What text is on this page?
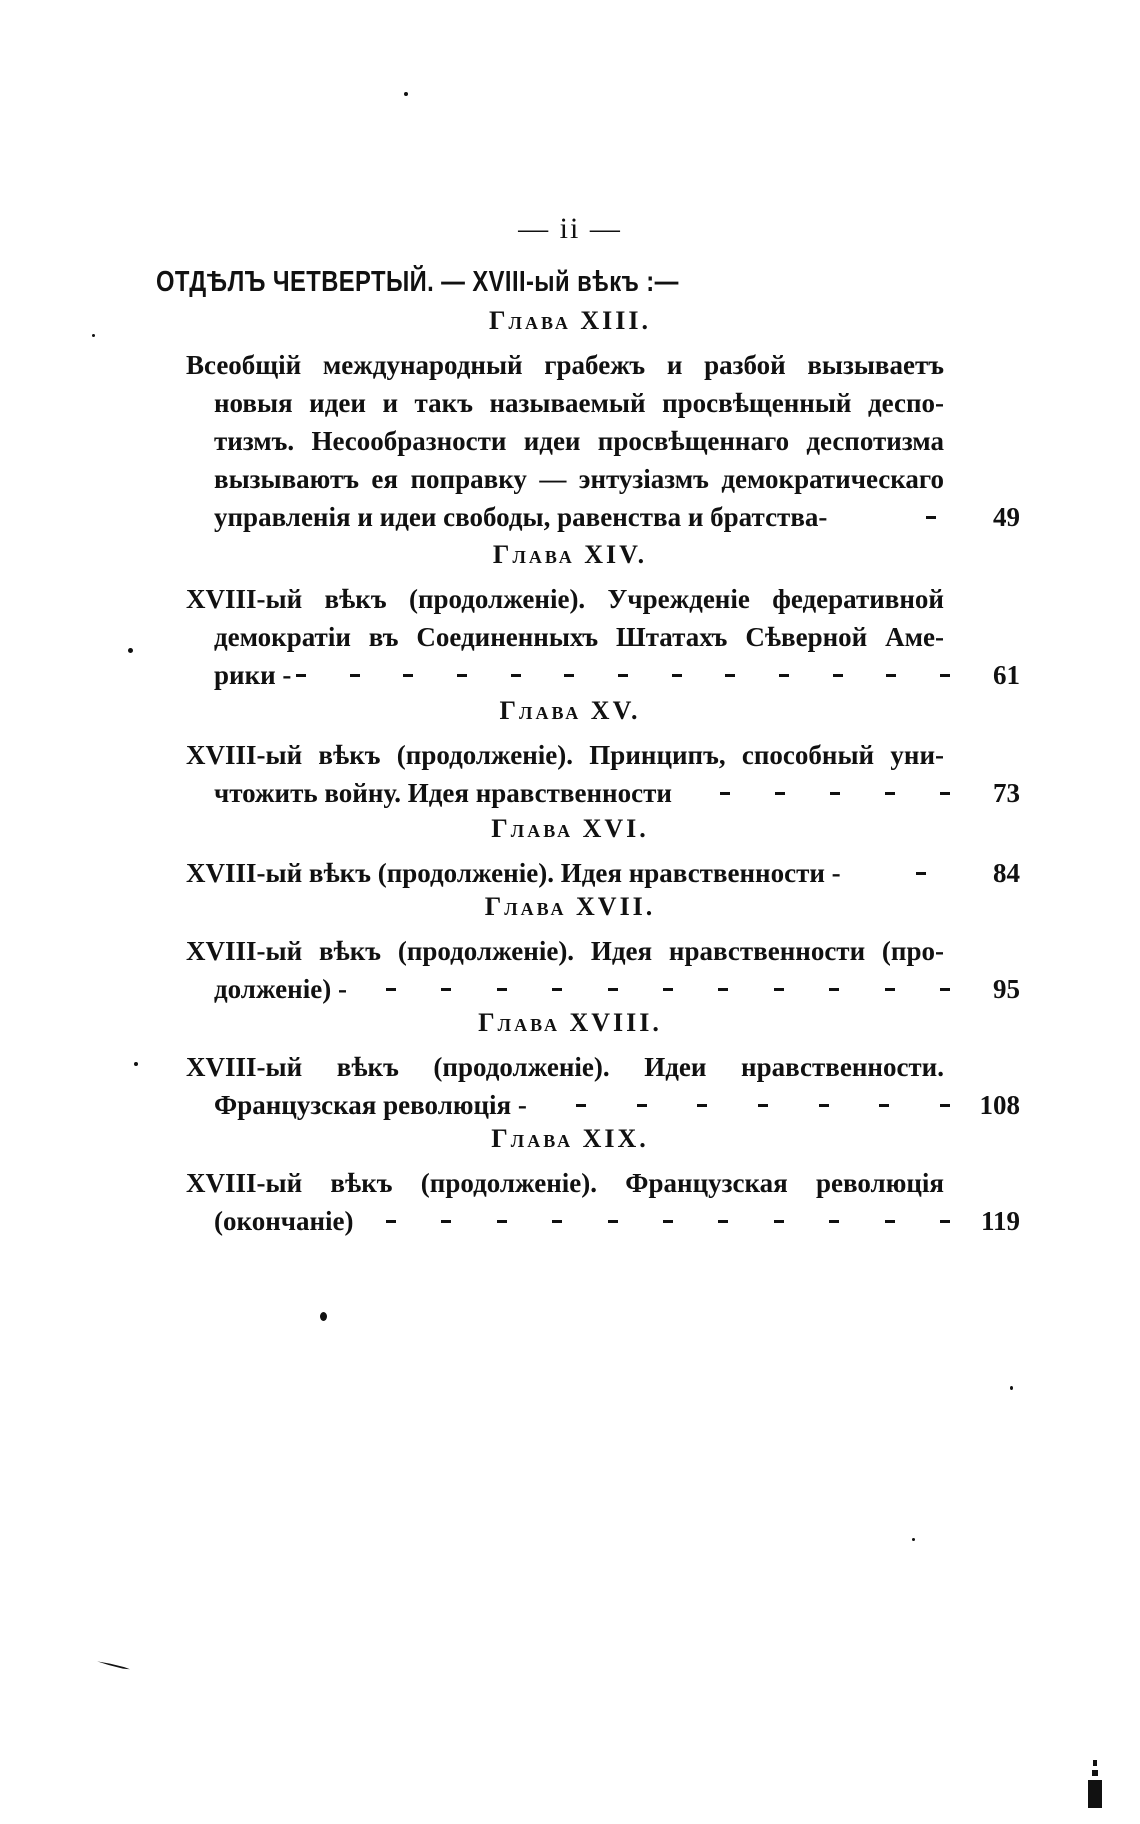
— ii —
ОТДѢЛЪ ЧЕТВЕРТЫЙ. — XVIII-ый вѣкъ :—
Глава XIII.
Всеобщій международный грабежъ и разбой вызываетъ
новыя идеи и такъ называемый просвѣщенный деспо-
тизмъ. Несообразности идеи просвѣщеннаго деспотизма
вызываютъ ея поправку — энтузіазмъ демократическаго
управленія и идеи свободы, равенства и братства-	49
Глава XIV.
XVIII-ый вѣкъ (продолженіе). Учрежденіе федеративной
демократіи въ Соединенныхъ Штатахъ Сѣверной Аме-
рики -	61
Глава XV.
XVIII-ый вѣкъ (продолженіе). Принципъ, способный уни-
чтожить войну. Идея нравственности	73
Глава XVI.
XVIII-ый вѣкъ (продолженіе). Идея нравственности -	84
Глава XVII.
XVIII-ый вѣкъ (продолженіе). Идея нравственности (про-
долженіе) -	95
Глава XVIII.
XVIII-ый вѣкъ (продолженіе). Идеи нравственности.
Французская революція -	108
Глава XIX.
XVIII-ый вѣкъ (продолженіе). Французская революція
(окончаніе)	119
